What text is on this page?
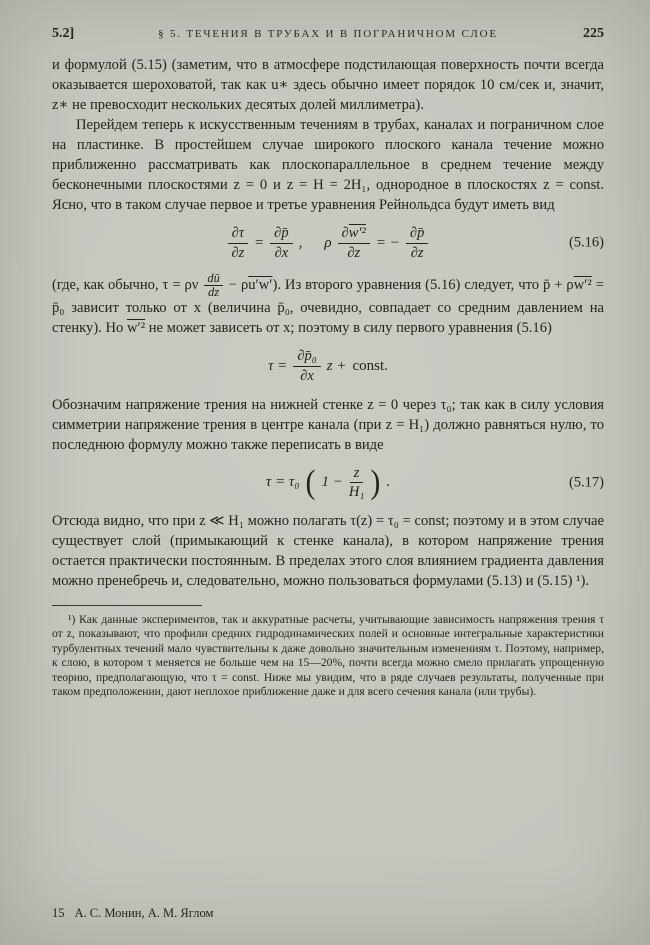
5.2]	§ 5. ТЕЧЕНИЯ В ТРУБАХ И В ПОГРАНИЧНОМ СЛОЕ	225

и формулой (5.15) (заметим, что в атмосфере подстилающая поверхность почти всегда оказывается шероховатой, так как u∗ здесь обычно имеет порядок 10 см/сек и, значит, z∗ не превосходит нескольких десятых долей миллиметра).

Перейдем теперь к искусственным течениям в трубах, каналах и пограничном слое на пластинке. В простейшем случае широкого плоского канала течение можно приближенно рассматривать как плоскопараллельное в среднем течение между бесконечными плоскостями z = 0 и z = H = 2H₁, однородное в плоскостях z = const. Ясно, что в таком случае первое и третье уравнения Рейнольдса будут иметь вид

$\frac{\partial\tau}{\partial z} = \frac{\partial p̄}{\partial x}$ , ρ $\frac{\text{∂w′²}}{\partial z}$ = − $\frac{\partial p̄}{\partial z}$	(5.16)

(где, как обычно, τ = ρν $\frac{dū}{dz} - \rho u'w'$). Из второго уравнения (5.16) следует, что p̄ + ρw′² = p̄₀ зависит только от x (величина p̄₀, очевидно, совпадает со средним давлением на стенку). Но w′² не может зависеть от x; поэтому в силу первого уравнения (5.16)

$\tau = \frac{\text{∂p̄₀}}{\partial x}$ z + const.

Обозначим напряжение трения на нижней стенке z = 0 через τ₀; так как в силу условия симметрии напряжение трения в центре канала (при z = H₁) должно равняться нулю, то последнюю формулу можно также переписать в виде

τ = τ₀ ( $1 - \frac{z}{\text{H₁}}$ ) .	(5.17)

Отсюда видно, что при z ≪ H₁ можно полагать τ(z) = τ₀ = const; поэтому и в этом случае существует слой (примыкающий к стенке канала), в котором напряжение трения остается практически постоянным. В пределах этого слоя влиянием градиента давления можно пренебречь и, следовательно, можно пользоваться формулами (5.13) и (5.15) ¹).

¹) Как данные экспериментов, так и аккуратные расчеты, учитывающие зависимость напряжения трения τ от z, показывают, что профили средних гидродинамических полей и основные интегральные характеристики турбулентных течений мало чувствительны к даже довольно значительным изменениям τ. Поэтому, например, к слою, в котором τ меняется не больше чем на 15—20%, почти всегда можно смело прилагать упрощенную теорию, предполагающую, что τ = const. Ниже мы увидим, что в ряде случаев результаты, полученные при таком предположении, дают неплохое приближение даже и для всего сечения канала (или трубы).

15 А. С. Монин, А. М. Яглом
